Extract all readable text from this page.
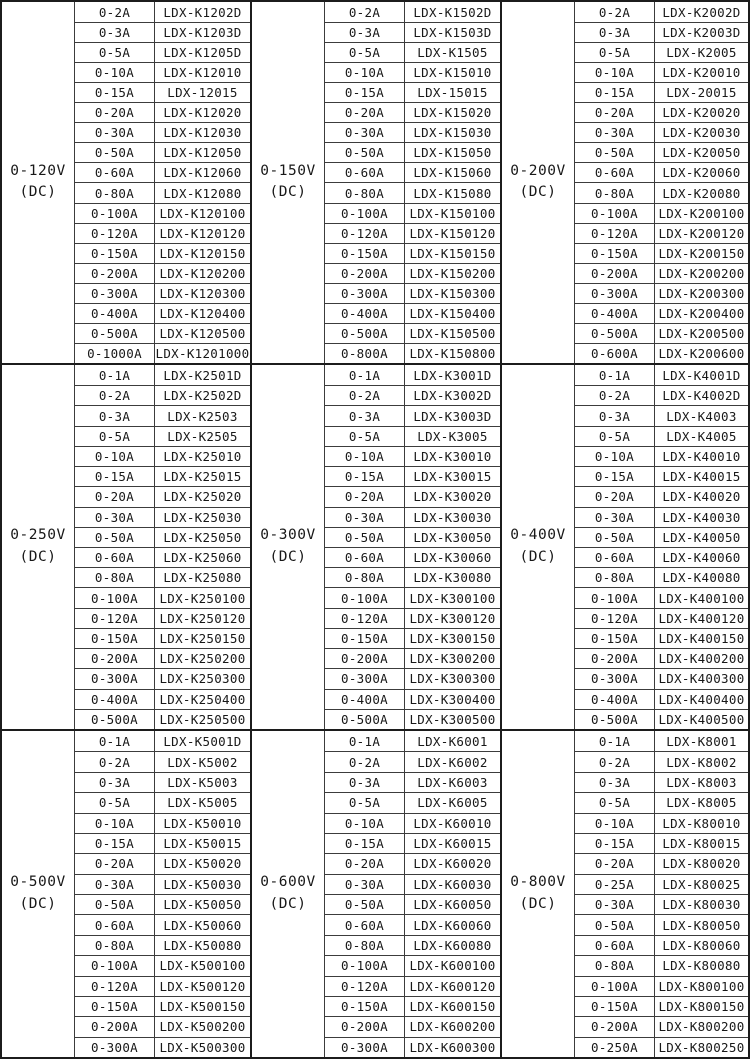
0-120V
(DC)
0-2A	LDX-K1202D
0-3A	LDX-K1203D
0-5A	LDX-K1205D
0-10A	LDX-K12010
0-15A	LDX-12015
0-20A	LDX-K12020
0-30A	LDX-K12030
0-50A	LDX-K12050
0-60A	LDX-K12060
0-80A	LDX-K12080
0-100A	LDX-K120100
0-120A	LDX-K120120
0-150A	LDX-K120150
0-200A	LDX-K120200
0-300A	LDX-K120300
0-400A	LDX-K120400
0-500A	LDX-K120500
0-1000A	LDX-K1201000
0-150V
(DC)
0-2A	LDX-K1502D
0-3A	LDX-K1503D
0-5A	LDX-K1505
0-10A	LDX-K15010
0-15A	LDX-15015
0-20A	LDX-K15020
0-30A	LDX-K15030
0-50A	LDX-K15050
0-60A	LDX-K15060
0-80A	LDX-K15080
0-100A	LDX-K150100
0-120A	LDX-K150120
0-150A	LDX-K150150
0-200A	LDX-K150200
0-300A	LDX-K150300
0-400A	LDX-K150400
0-500A	LDX-K150500
0-800A	LDX-K150800
0-200V
(DC)
0-2A	LDX-K2002D
0-3A	LDX-K2003D
0-5A	LDX-K2005
0-10A	LDX-K20010
0-15A	LDX-20015
0-20A	LDX-K20020
0-30A	LDX-K20030
0-50A	LDX-K20050
0-60A	LDX-K20060
0-80A	LDX-K20080
0-100A	LDX-K200100
0-120A	LDX-K200120
0-150A	LDX-K200150
0-200A	LDX-K200200
0-300A	LDX-K200300
0-400A	LDX-K200400
0-500A	LDX-K200500
0-600A	LDX-K200600
0-250V
(DC)
0-1A	LDX-K2501D
0-2A	LDX-K2502D
0-3A	LDX-K2503
0-5A	LDX-K2505
0-10A	LDX-K25010
0-15A	LDX-K25015
0-20A	LDX-K25020
0-30A	LDX-K25030
0-50A	LDX-K25050
0-60A	LDX-K25060
0-80A	LDX-K25080
0-100A	LDX-K250100
0-120A	LDX-K250120
0-150A	LDX-K250150
0-200A	LDX-K250200
0-300A	LDX-K250300
0-400A	LDX-K250400
0-500A	LDX-K250500
0-300V
(DC)
0-1A	LDX-K3001D
0-2A	LDX-K3002D
0-3A	LDX-K3003D
0-5A	LDX-K3005
0-10A	LDX-K30010
0-15A	LDX-K30015
0-20A	LDX-K30020
0-30A	LDX-K30030
0-50A	LDX-K30050
0-60A	LDX-K30060
0-80A	LDX-K30080
0-100A	LDX-K300100
0-120A	LDX-K300120
0-150A	LDX-K300150
0-200A	LDX-K300200
0-300A	LDX-K300300
0-400A	LDX-K300400
0-500A	LDX-K300500
0-400V
(DC)
0-1A	LDX-K4001D
0-2A	LDX-K4002D
0-3A	LDX-K4003
0-5A	LDX-K4005
0-10A	LDX-K40010
0-15A	LDX-K40015
0-20A	LDX-K40020
0-30A	LDX-K40030
0-50A	LDX-K40050
0-60A	LDX-K40060
0-80A	LDX-K40080
0-100A	LDX-K400100
0-120A	LDX-K400120
0-150A	LDX-K400150
0-200A	LDX-K400200
0-300A	LDX-K400300
0-400A	LDX-K400400
0-500A	LDX-K400500
0-500V
(DC)
0-1A	LDX-K5001D
0-2A	LDX-K5002
0-3A	LDX-K5003
0-5A	LDX-K5005
0-10A	LDX-K50010
0-15A	LDX-K50015
0-20A	LDX-K50020
0-30A	LDX-K50030
0-50A	LDX-K50050
0-60A	LDX-K50060
0-80A	LDX-K50080
0-100A	LDX-K500100
0-120A	LDX-K500120
0-150A	LDX-K500150
0-200A	LDX-K500200
0-300A	LDX-K500300
0-600V
(DC)
0-1A	LDX-K6001
0-2A	LDX-K6002
0-3A	LDX-K6003
0-5A	LDX-K6005
0-10A	LDX-K60010
0-15A	LDX-K60015
0-20A	LDX-K60020
0-30A	LDX-K60030
0-50A	LDX-K60050
0-60A	LDX-K60060
0-80A	LDX-K60080
0-100A	LDX-K600100
0-120A	LDX-K600120
0-150A	LDX-K600150
0-200A	LDX-K600200
0-300A	LDX-K600300
0-800V
(DC)
0-1A	LDX-K8001
0-2A	LDX-K8002
0-3A	LDX-K8003
0-5A	LDX-K8005
0-10A	LDX-K80010
0-15A	LDX-K80015
0-20A	LDX-K80020
0-25A	LDX-K80025
0-30A	LDX-K80030
0-50A	LDX-K80050
0-60A	LDX-K80060
0-80A	LDX-K80080
0-100A	LDX-K800100
0-150A	LDX-K800150
0-200A	LDX-K800200
0-250A	LDX-K800250
